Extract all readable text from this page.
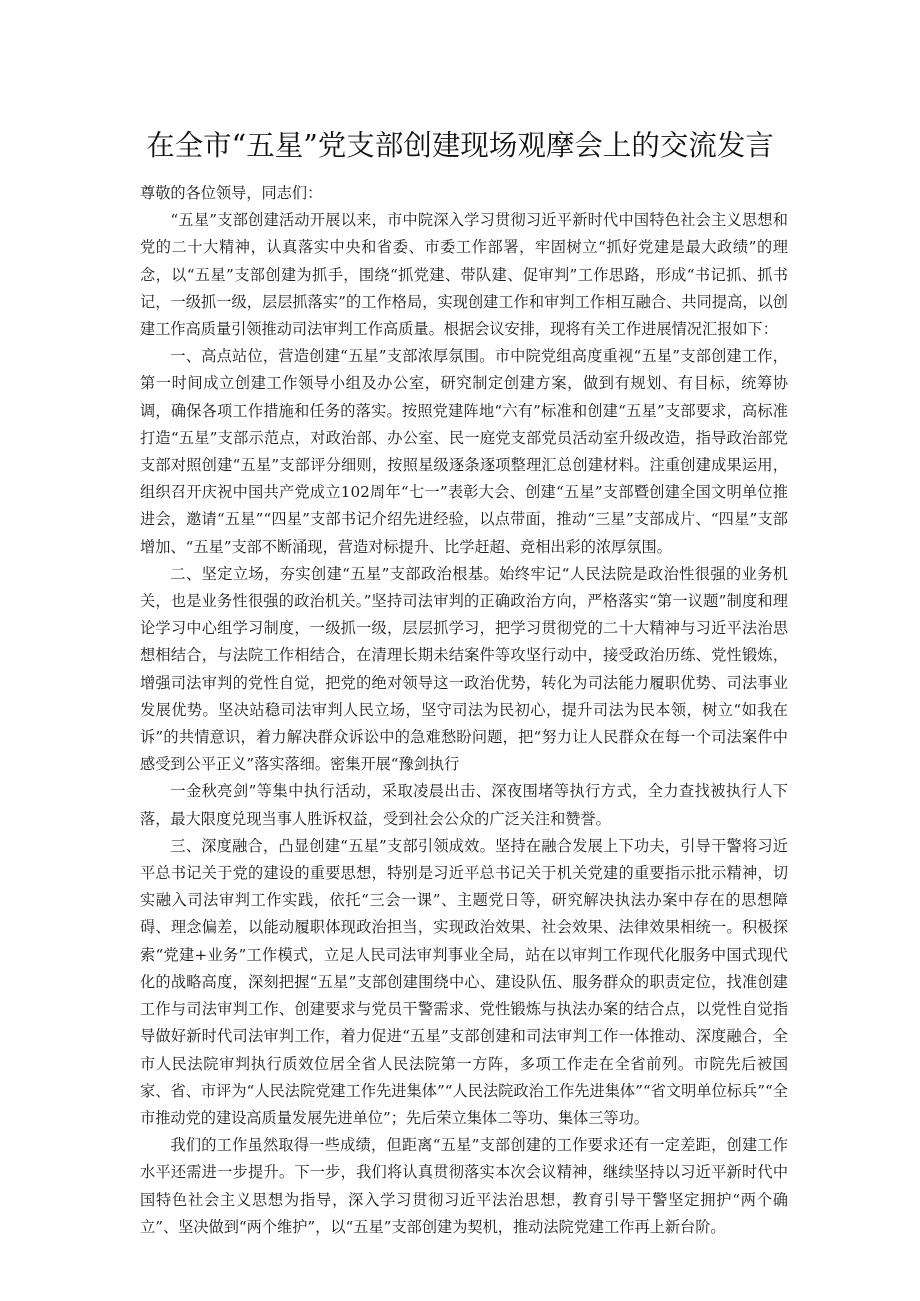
在全市“五星”党支部创建现场观摩会上的交流发言

尊敬的各位领导，同志们：

“五星”支部创建活动开展以来，市中院深入学习贯彻习近平新时代中国特色社会主义思想和党的二十大精神，认真落实中央和省委、市委工作部署，牢固树立“抓好党建是最大政绩”的理念，以“五星”支部创建为抓手，围绕“抓党建、带队建、促审判”工作思路，形成“书记抓、抓书记，一级抓一级，层层抓落实”的工作格局，实现创建工作和审判工作相互融合、共同提高，以创建工作高质量引领推动司法审判工作高质量。根据会议安排，现将有关工作进展情况汇报如下：

一、高点站位，营造创建“五星”支部浓厚氛围。市中院党组高度重视“五星”支部创建工作，第一时间成立创建工作领导小组及办公室，研究制定创建方案，做到有规划、有目标，统筹协调，确保各项工作措施和任务的落实。按照党建阵地“六有”标准和创建“五星”支部要求，高标准打造“五星”支部示范点，对政治部、办公室、民一庭党支部党员活动室升级改造，指导政治部党支部对照创建“五星”支部评分细则，按照星级逐条逐项整理汇总创建材料。注重创建成果运用，组织召开庆祝中国共产党成立102周年“七一”表彰大会、创建“五星”支部暨创建全国文明单位推进会，邀请“五星”“四星”支部书记介绍先进经验，以点带面，推动“三星”支部成片、“四星”支部增加、“五星”支部不断涌现，营造对标提升、比学赶超、竞相出彩的浓厚氛围。

二、坚定立场，夯实创建“五星”支部政治根基。始终牢记“人民法院是政治性很强的业务机关，也是业务性很强的政治机关。”坚持司法审判的正确政治方向，严格落实“第一议题”制度和理论学习中心组学习制度，一级抓一级，层层抓学习，把学习贯彻党的二十大精神与习近平法治思想相结合，与法院工作相结合，在清理长期未结案件等攻坚行动中，接受政治历练、党性锻炼，增强司法审判的党性自觉，把党的绝对领导这一政治优势，转化为司法能力履职优势、司法事业发展优势。坚决站稳司法审判人民立场，坚守司法为民初心，提升司法为民本领，树立“如我在诉”的共情意识，着力解决群众诉讼中的急难愁盼问题，把“努力让人民群众在每一个司法案件中感受到公平正义”落实落细。密集开展“豫剑执行

一金秋亮剑”等集中执行活动，采取凌晨出击、深夜围堵等执行方式，全力查找被执行人下落，最大限度兑现当事人胜诉权益，受到社会公众的广泛关注和赞誉。

三、深度融合，凸显创建“五星”支部引领成效。坚持在融合发展上下功夫，引导干警将习近平总书记关于党的建设的重要思想，特别是习近平总书记关于机关党建的重要指示批示精神，切实融入司法审判工作实践，依托“三会一课”、主题党日等，研究解决执法办案中存在的思想障碍、理念偏差，以能动履职体现政治担当，实现政治效果、社会效果、法律效果相统一。积极探索“党建+业务”工作模式，立足人民司法审判事业全局，站在以审判工作现代化服务中国式现代化的战略高度，深刻把握“五星”支部创建围绕中心、建设队伍、服务群众的职责定位，找准创建工作与司法审判工作、创建要求与党员干警需求、党性锻炼与执法办案的结合点，以党性自觉指导做好新时代司法审判工作，着力促进“五星”支部创建和司法审判工作一体推动、深度融合，全市人民法院审判执行质效位居全省人民法院第一方阵，多项工作走在全省前列。市院先后被国家、省、市评为“人民法院党建工作先进集体”“人民法院政治工作先进集体”“省文明单位标兵”“全市推动党的建设高质量发展先进单位”；先后荣立集体二等功、集体三等功。

我们的工作虽然取得一些成绩，但距离“五星”支部创建的工作要求还有一定差距，创建工作水平还需进一步提升。下一步，我们将认真贯彻落实本次会议精神，继续坚持以习近平新时代中国特色社会主义思想为指导，深入学习贯彻习近平法治思想，教育引导干警坚定拥护“两个确立”、坚决做到“两个维护”，以“五星”支部创建为契机，推动法院党建工作再上新台阶。
